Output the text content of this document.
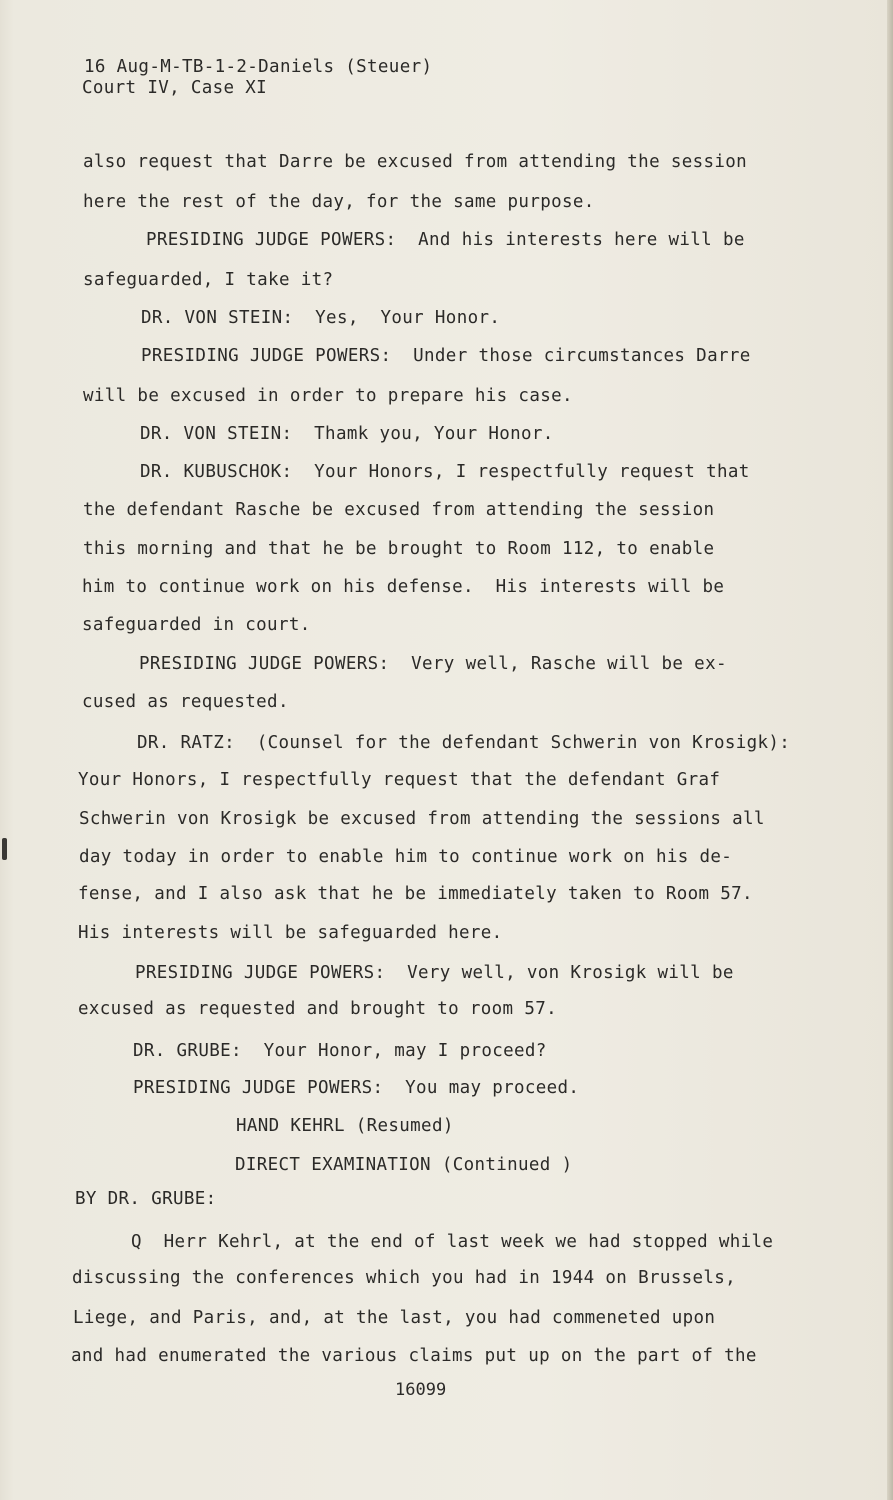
16 Aug-M-TB-1-2-Daniels (Steuer)
Court IV, Case XI
also request that Darre be excused from attending the session
here the rest of the day, for the same purpose.
PRESIDING JUDGE POWERS:  And his interests here will be
safeguarded, I take it?
DR. VON STEIN:  Yes,  Your Honor.
PRESIDING JUDGE POWERS:  Under those circumstances Darre
will be excused in order to prepare his case.
DR. VON STEIN:  Thamk you, Your Honor.
DR. KUBUSCHOK:  Your Honors, I respectfully request that
the defendant Rasche be excused from attending the session
this morning and that he be brought to Room 112, to enable
him to continue work on his defense.  His interests will be
safeguarded in court.
PRESIDING JUDGE POWERS:  Very well, Rasche will be ex-
cused as requested.
DR. RATZ:  (Counsel for the defendant Schwerin von Krosigk):
Your Honors, I respectfully request that the defendant Graf
Schwerin von Krosigk be excused from attending the sessions all
day today in order to enable him to continue work on his de-
fense, and I also ask that he be immediately taken to Room 57.
His interests will be safeguarded here.
PRESIDING JUDGE POWERS:  Very well, von Krosigk will be
excused as requested and brought to room 57.
DR. GRUBE:  Your Honor, may I proceed?
PRESIDING JUDGE POWERS:  You may proceed.
HAND KEHRL (Resumed)
DIRECT EXAMINATION (Continued )
BY DR. GRUBE:
Q  Herr Kehrl, at the end of last week we had stopped while
discussing the conferences which you had in 1944 on Brussels,
Liege, and Paris, and, at the last, you had commeneted upon
and had enumerated the various claims put up on the part of the
16099
